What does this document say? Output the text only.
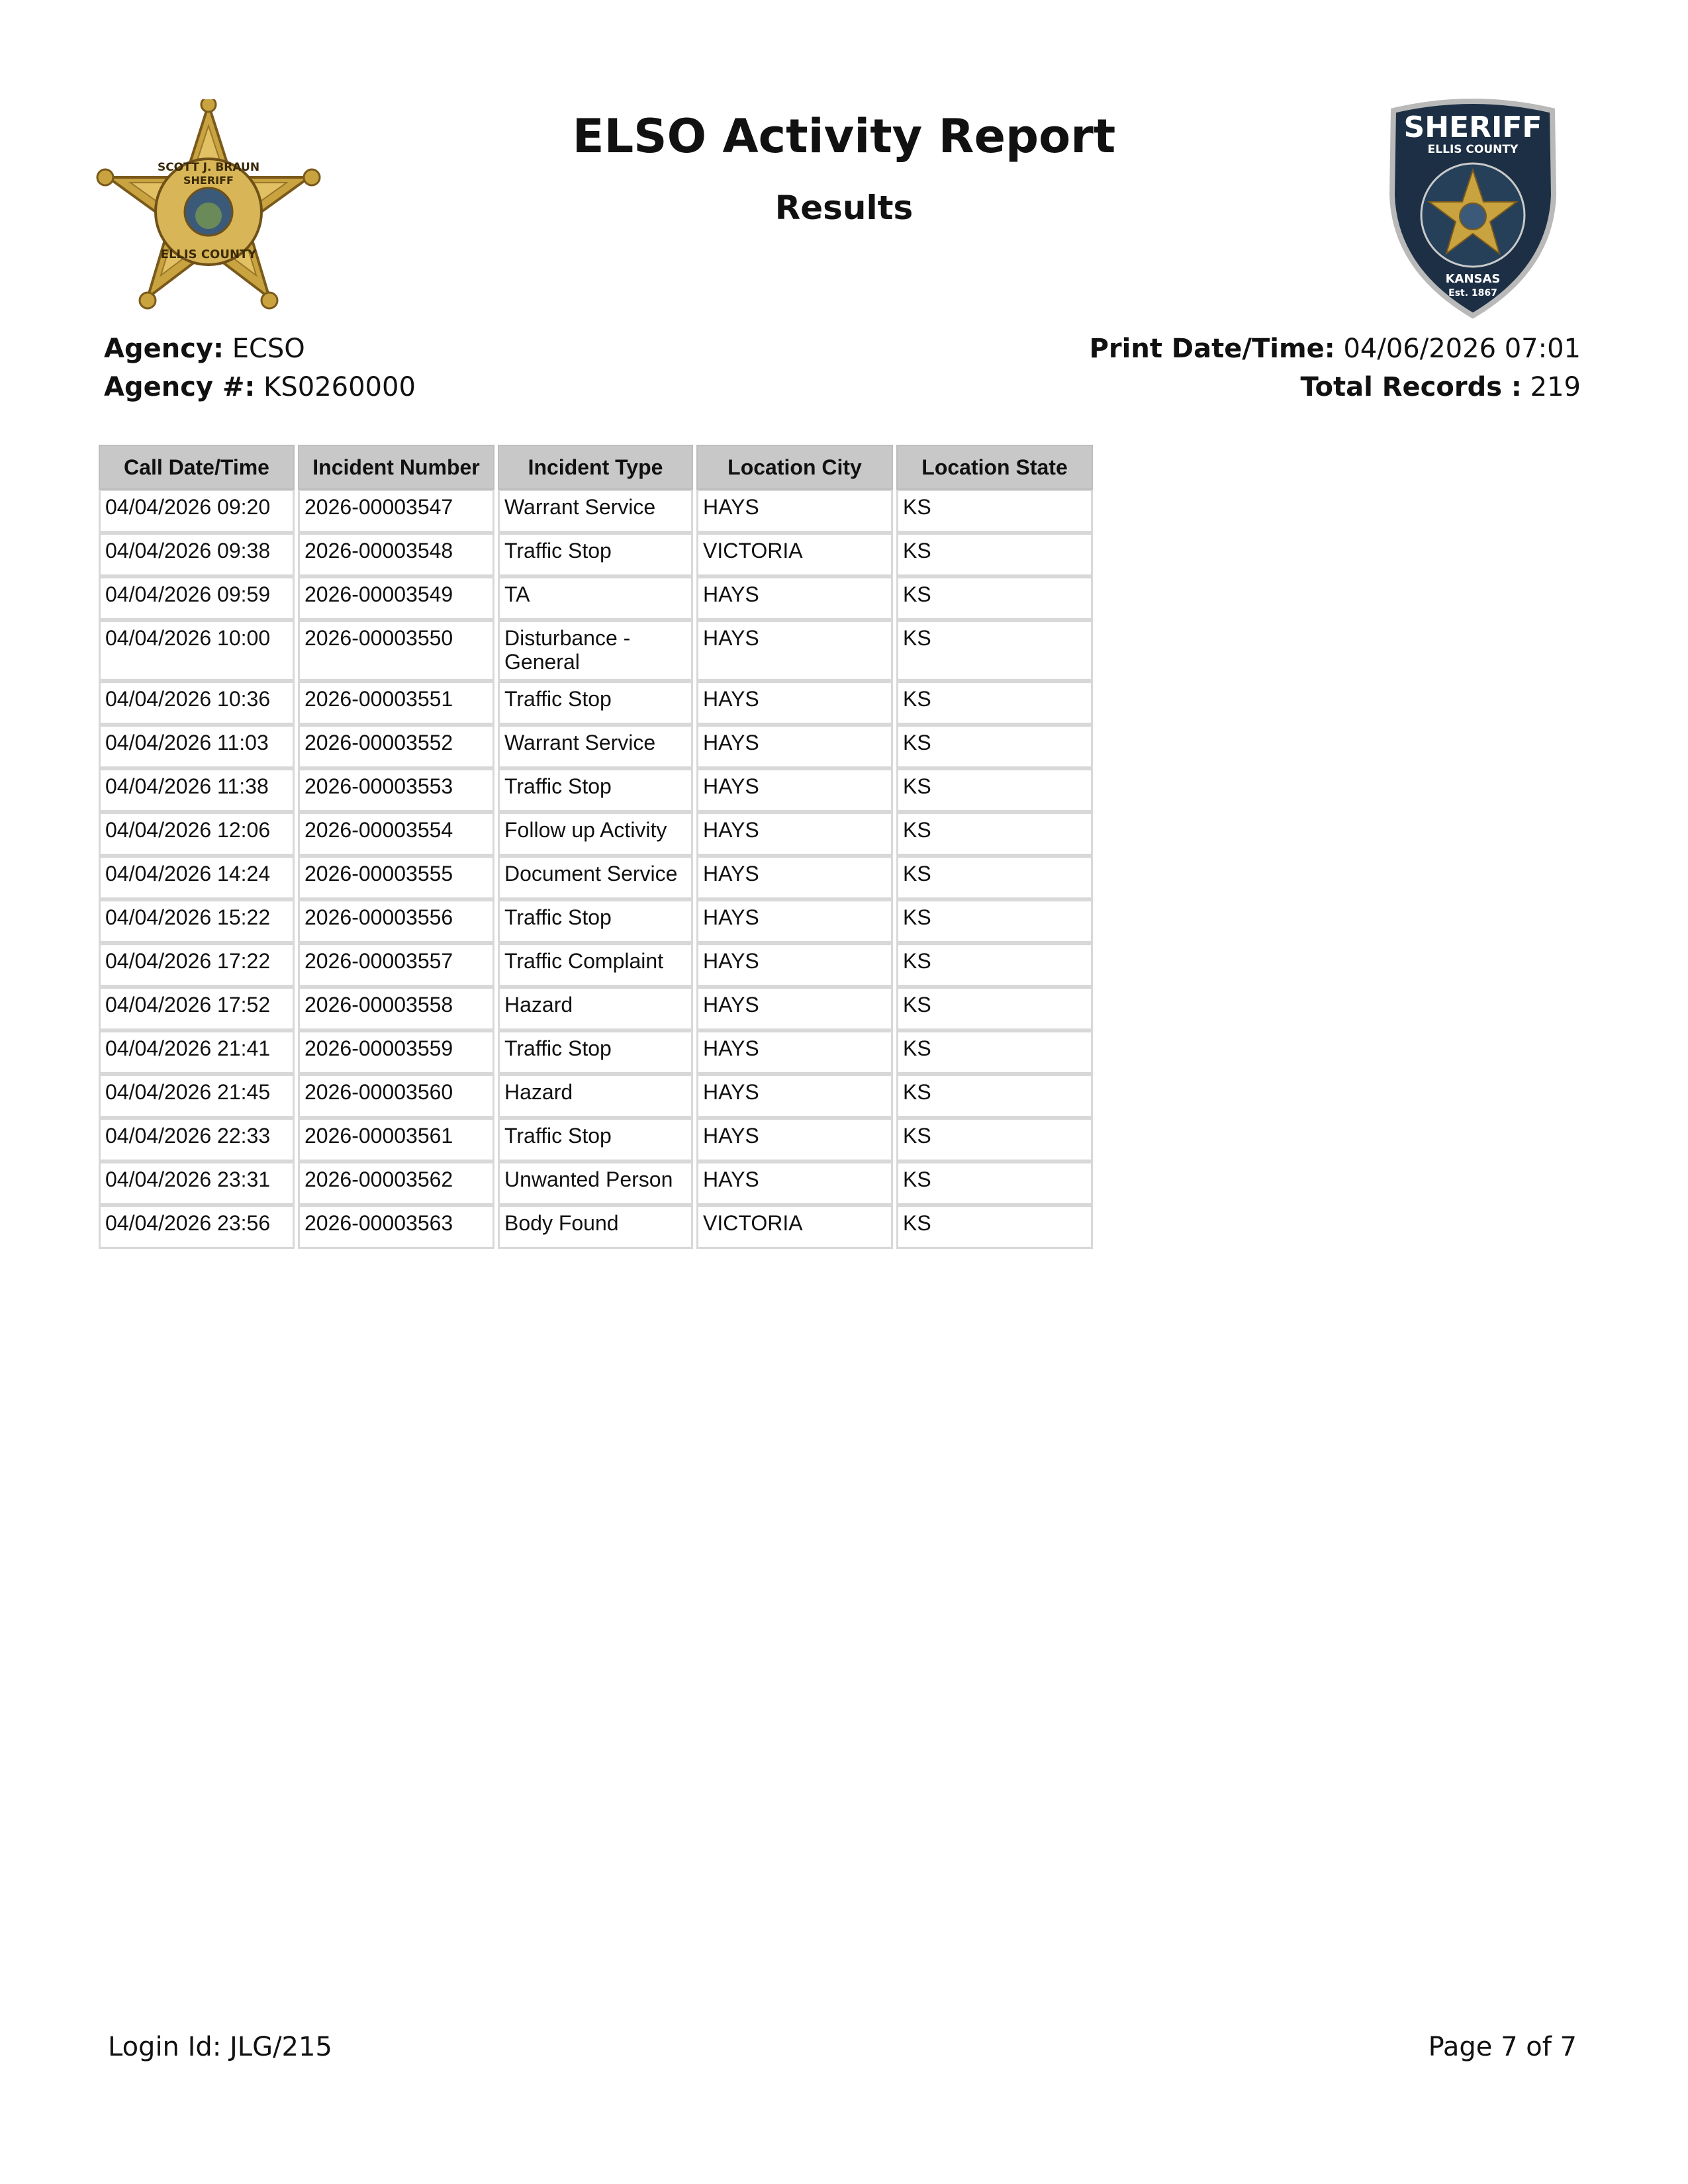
SCOTT J. BRAUN
SHERIFF
ELLIS COUNTY
SHERIFF
ELLIS COUNTY
KANSAS
Est. 1867
ELSO Activity Report
Results
Agency: ECSO
Agency #: KS0260000
Print Date/Time: 04/06/2026 07:01
Total Records : 219
Call Date/Time	Incident Number	Incident Type	Location City	Location State
04/04/2026 09:20	2026-00003547	Warrant Service	HAYS	KS
04/04/2026 09:38	2026-00003548	Traffic Stop	VICTORIA	KS
04/04/2026 09:59	2026-00003549	TA	HAYS	KS
04/04/2026 10:00	2026-00003550	Disturbance - General	HAYS	KS
04/04/2026 10:36	2026-00003551	Traffic Stop	HAYS	KS
04/04/2026 11:03	2026-00003552	Warrant Service	HAYS	KS
04/04/2026 11:38	2026-00003553	Traffic Stop	HAYS	KS
04/04/2026 12:06	2026-00003554	Follow up Activity	HAYS	KS
04/04/2026 14:24	2026-00003555	Document Service	HAYS	KS
04/04/2026 15:22	2026-00003556	Traffic Stop	HAYS	KS
04/04/2026 17:22	2026-00003557	Traffic Complaint	HAYS	KS
04/04/2026 17:52	2026-00003558	Hazard	HAYS	KS
04/04/2026 21:41	2026-00003559	Traffic Stop	HAYS	KS
04/04/2026 21:45	2026-00003560	Hazard	HAYS	KS
04/04/2026 22:33	2026-00003561	Traffic Stop	HAYS	KS
04/04/2026 23:31	2026-00003562	Unwanted Person	HAYS	KS
04/04/2026 23:56	2026-00003563	Body Found	VICTORIA	KS
Login Id: JLG/215	Page 7 of 7
